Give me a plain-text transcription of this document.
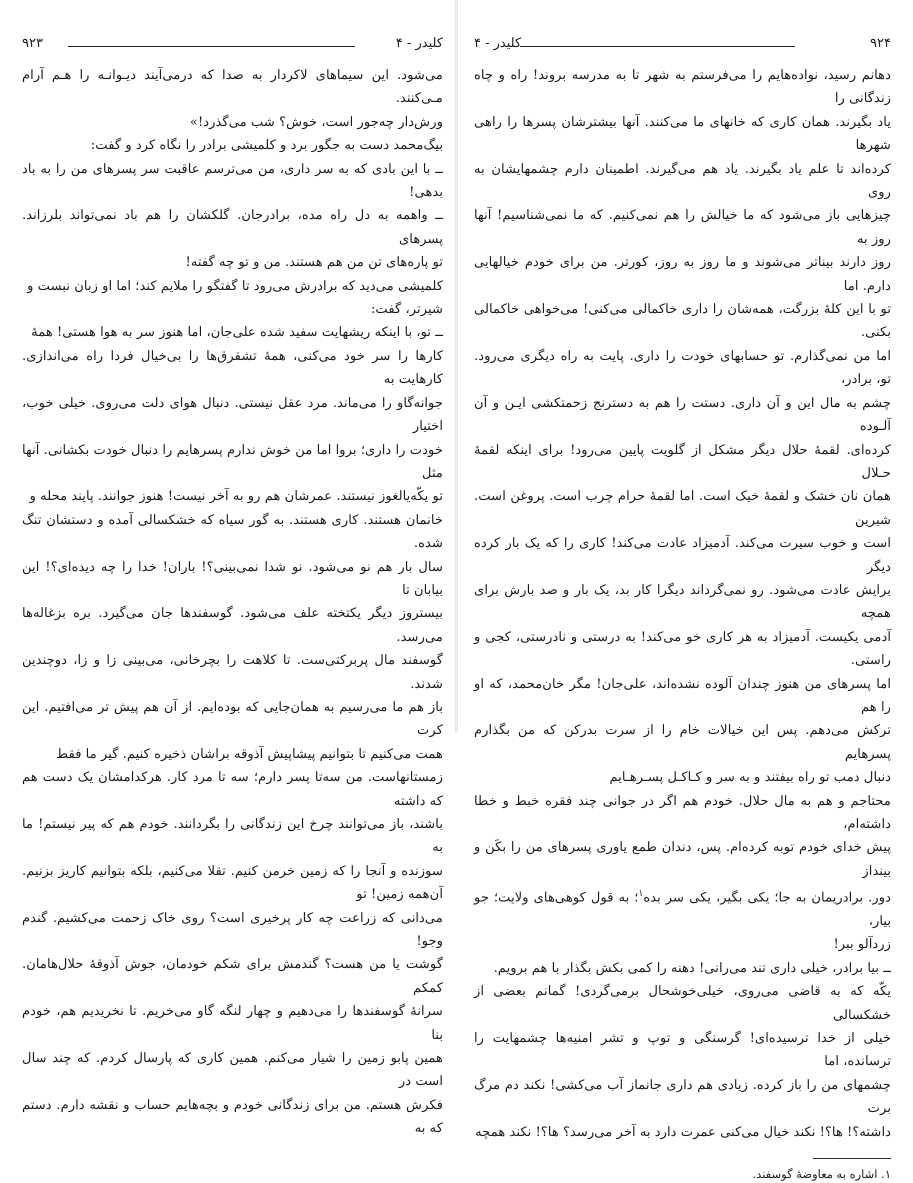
کلیدر - ۴
۹۲۳

می‌شود. این سیماهای لاکردار به صدا که درمی‌آیند دیـوانـه را هـم آرام مـی‌کنند.

ورش‌دار چه‌جور است، خوش؟ شب می‌گذرد!»

بیگ‌محمد دست به جگور برد و کلمیشی برادر را نگاه کرد و گفت:

ــ با این بادی که به سر داری، من می‌ترسم عاقبت سر پسرهای من را به باد بدهی!

ــ واهمه به دل راه مده، برادرجان. گلکشان را هم باد نمی‌تواند بلرزاند. پسرهای

تو پاره‌های تن من هم هستند. من و تو چه گفته!

کلمیشی می‌دید که برادرش می‌رود تا گفتگو را ملایم کند؛ اما او زبان نبست و

شیرتر، گفت:

ــ تو، با اینکه ریشهایت سفید شده علی‌جان، اما هنوز سر به هوا هستی! همهٔ

کارها را سر خود می‌کنی، همهٔ تشقرق‌ها را بی‌خیال فردا راه می‌اندازی. کارهایت به

جوانه‌گاو را می‌ماند. مرد عقل نیستی. دنبال هوای دلت می‌روی. خیلی خوب، اختیار

خودت را داری؛ بروا اما من خوش ندارم پسرهایم را دنبال خودت بکشانی. آنها مثل

تو یکّه‌یالغوز نیستند. عمرشان هم رو به آخر نیست! هنوز جوانند. پایند محله و

خانمان هستند. کاری هستند. به گور سیاه که خشکسالی آمده و دستشان تنگ شده.

سال بار هم نو می‌شود. نو شدا نمی‌بینی؟! باران! خدا را چه دیده‌ای؟! این بیابان تا

بیستروز دیگر یکتخته علف می‌شود. گوسفندها جان می‌گیرد. بره بزغاله‌ها می‌رسد.

گوسفند مال پربرکتی‌ست. تا کلاهت را بچرخانی، می‌بینی زا و زا، دوچندین شدند.

باز هم ما می‌رسیم به همان‌جایی که بوده‌ایم. از آن هم پیش تر می‌افتیم. این کرت

همت می‌کنیم تا بتوانیم پیشاپیش آذوقه براشان ذخیره کنیم. گیر ما فقط

زمستانهاست. من سه‌تا پسر دارم؛ سه تا مرد کار. هرکدامشان یک دست هم که داشته

باشند، باز می‌توانند چرخ این زندگانی را بگردانند. خودم هم که پیر نیستم! ما به

سوزنده و آنجا را که زمین خرمن کنیم. تقلا می‌کنیم، بلکه بتوانیم کاریز بزنیم. آن‌همه زمین! تو

می‌دانی که زراعت چه کار پرخیری است؟ روی خاک زحمت می‌کشیم. گندم وجو!

گوشت یا من هست؟ گندمش برای شکم خودمان، جوش آذوقهٔ حلال‌هامان. کمکم

سرانهٔ گوسفندها را می‌دهیم و چهار لنگه گاو می‌خریم. تا نخریدیم هم، خودم بنا

همین پابو زمین را شیار می‌کنم. همین کاری که پارسال کردم. که چند سال است در

فکرش هستم. من برای زندگانی خودم و بچه‌هایم حساب و نقشه دارم. دستم که به

۹۲۴
کلیدر - ۴

دهانم رسید، نواده‌هایم را می‌فرستم به شهر تا به مدرسه بروند! راه و چاه زندگانی را

یاد بگیرند. همان کاری که خانهای ما می‌کنند. آنها بیشترشان پسرها را راهی شهرها

کرده‌اند تا علم یاد بگیرند. یاد هم می‌گیرند. اطمینان دارم چشمهایشان به روی

چیزهایی باز می‌شود که ما خیالش را هم نمی‌کنیم. که ما نمی‌شناسیم! آنها روز به

روز دارند بیناتر می‌شوند و ما روز به روز، کورتر. من برای خودم خیالهایی دارم. اما

تو با این کلهٔ بزرگت، همه‌شان را داری خاکمالی می‌کنی! می‌خواهی خاکمالی بکنی.

اما من نمی‌گذارم. تو حسابهای خودت را داری. پایت به راه دیگری می‌رود. تو، برادر،

چشم به مال این و آن داری. دستت را هم به دسترنج زحمتکشی ایـن و آن آلـوده

کرده‌ای. لقمهٔ حلال دیگر مشکل از گلویت پایین می‌رود! برای اینکه لقمهٔ حـلال

همان نان خشک و لقمهٔ خیک است. اما لقمهٔ حرام چرب است. پروغن است. شیرین

است و خوب سیرت می‌کند. آدمیزاد عادت می‌کند! کاری را که یک بار کرده دیگر

برایش عادت می‌شود. رو نمی‌گرداند دیگرا کار بد، یک بار و صد بارش برای همچه

آدمی یکیست. آدمیزاد به هر کاری خو می‌کند! به درستی و نادرستی، کجی و راستی.

اما پسرهای من هنوز چندان آلوده نشده‌اند، علی‌جان! مگر خان‌محمد، که او را هم

ترکش می‌دهم. پس این خیالات خام را از سرت بدرکن که من بگذارم پسرهایم

دنبال دمب تو راه بیفتند و به سر و کـاکـل پسـرهـایم

محتاجم و هم به مال حلال. خودم هم اگر در جوانی چند فقره خبط و خطا داشته‌ام،

پیش خدای خودم توبه کرده‌ام. پس، دندان طمع یاوری پسرهای من را بکَن و بینداز

دور. برادریمان به جا؛ یکی بگیر، یکی سر بده$^۱$؛ به قول کوهی‌های ولایت؛ جو بیار،

زردآلو ببر!

ــ بیا برادر، خیلی داری تند می‌رانی! دهنه را کمی بکش بگذار با هم برویم.

یکّه که به قاضی می‌روی، خیلی‌خوشحال برمی‌گردی! گمانم بعضی از خشکسالی

خیلی از خدا ترسیده‌ای! گرسنگی و توپ و تشر امنیه‌ها چشمهایت را ترسانده، اما

چشمهای من را باز کرده. زیادی هم داری جانماز آب می‌کشی! نکند دم مرگ برت

داشته؟! ها؟! نکند خیال می‌کنی عمرت دارد به آخر می‌رسد؟ ها؟! نکند همچه

۱. اشاره به معاوضهٔ گوسفند.
